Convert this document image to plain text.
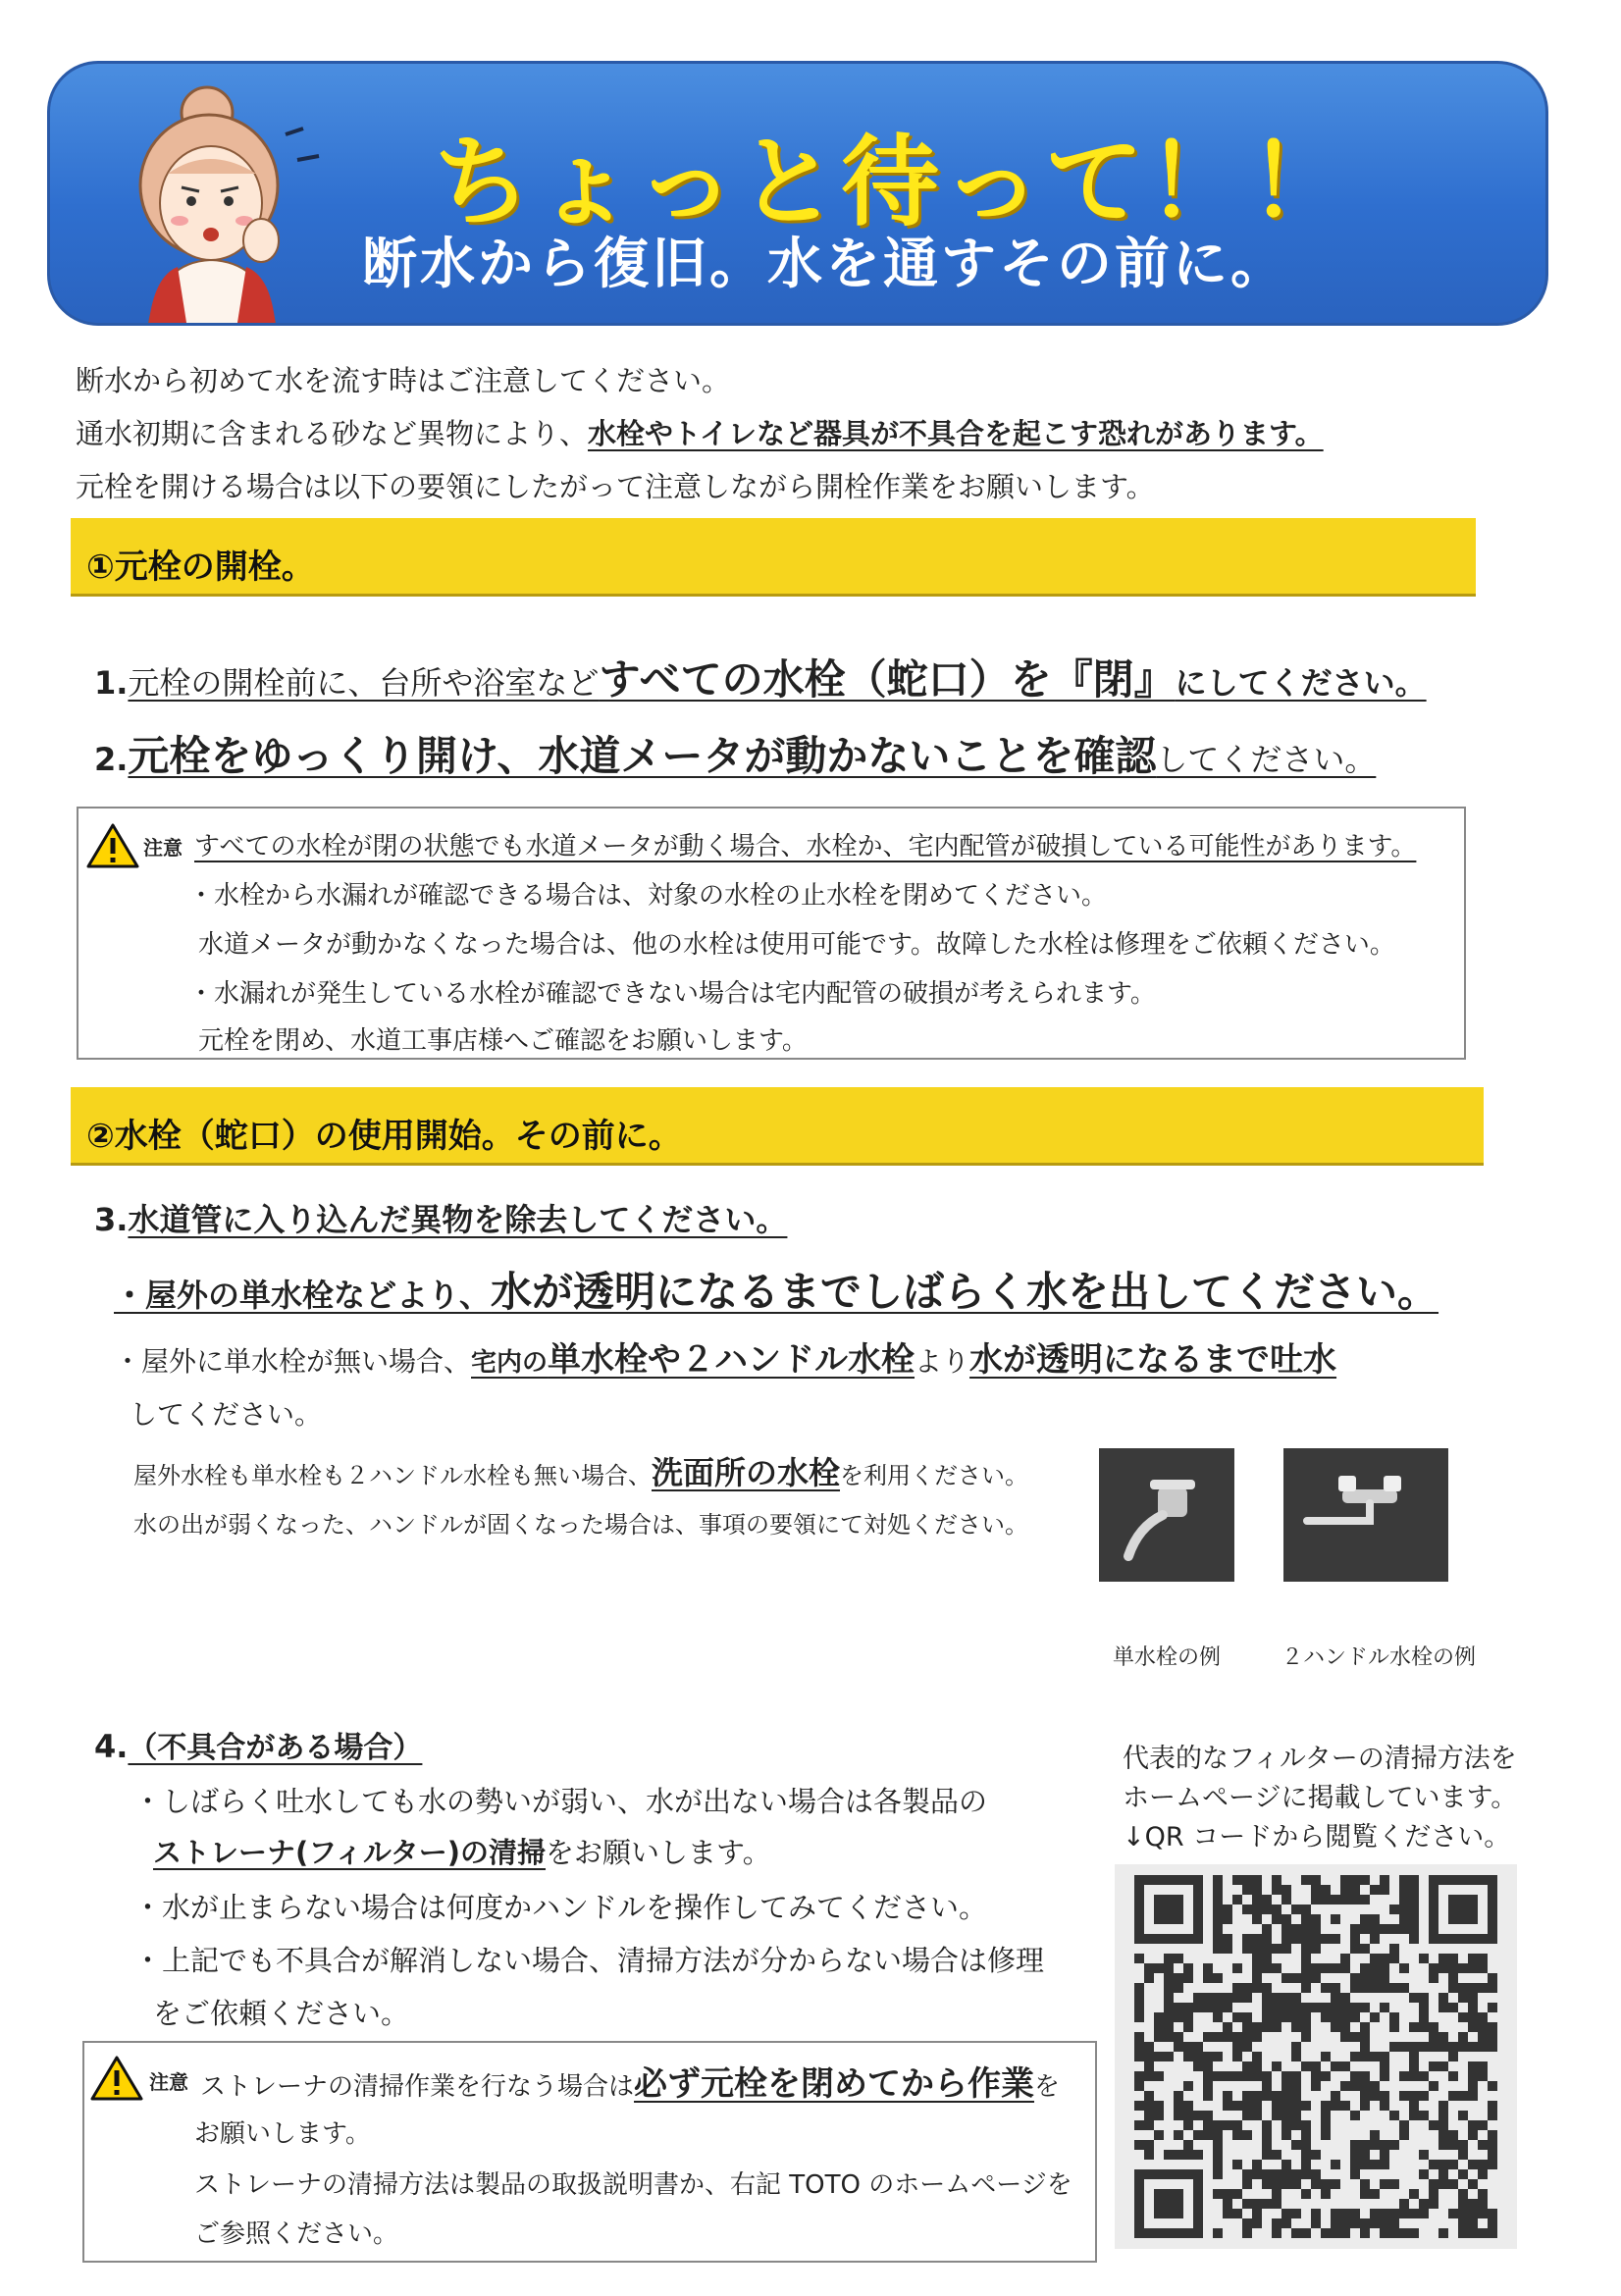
ちょっと待って！！
断水から復旧。水を通すその前に。
断水から初めて水を流す時はご注意してください。
通水初期に含まれる砂など異物により、水栓やトイレなど器具が不具合を起こす恐れがあります。
元栓を開ける場合は以下の要領にしたがって注意しながら開栓作業をお願いします。
①元栓の開栓。
1.元栓の開栓前に、台所や浴室などすべての水栓（蛇口）を『閉』にしてください。
2.元栓をゆっくり開け、水道メータが動かないことを確認してください。
注意 すべての水栓が閉の状態でも水道メータが動く場合、水栓か、宅内配管が破損している可能性があります。
・水栓から水漏れが確認できる場合は、対象の水栓の止水栓を閉めてください。
水道メータが動かなくなった場合は、他の水栓は使用可能です。故障した水栓は修理をご依頼ください。
・水漏れが発生している水栓が確認できない場合は宅内配管の破損が考えられます。
元栓を閉め、水道工事店様へご確認をお願いします。
②水栓（蛇口）の使用開始。その前に。
3.水道管に入り込んだ異物を除去してください。
・屋外の単水栓などより、水が透明になるまでしばらく水を出してください。
・屋外に単水栓が無い場合、宅内の単水栓や２ハンドル水栓より水が透明になるまで吐水
してください。
屋外水栓も単水栓も２ハンドル水栓も無い場合、洗面所の水栓を利用ください。
水の出が弱くなった、ハンドルが固くなった場合は、事項の要領にて対処ください。
単水栓の例	２ハンドル水栓の例
4.（不具合がある場合）
・しばらく吐水しても水の勢いが弱い、水が出ない場合は各製品の
ストレーナ(フィルター)の清掃をお願いします。
・水が止まらない場合は何度かハンドルを操作してみてください。
・上記でも不具合が解消しない場合、清掃方法が分からない場合は修理
をご依頼ください。
注意 ストレーナの清掃作業を行なう場合は必ず元栓を閉めてから作業を
お願いします。
ストレーナの清掃方法は製品の取扱説明書か、右記 TOTO のホームページを
ご参照ください。
代表的なフィルターの清掃方法を
ホームページに掲載しています。
↓QR コードから閲覧ください。
